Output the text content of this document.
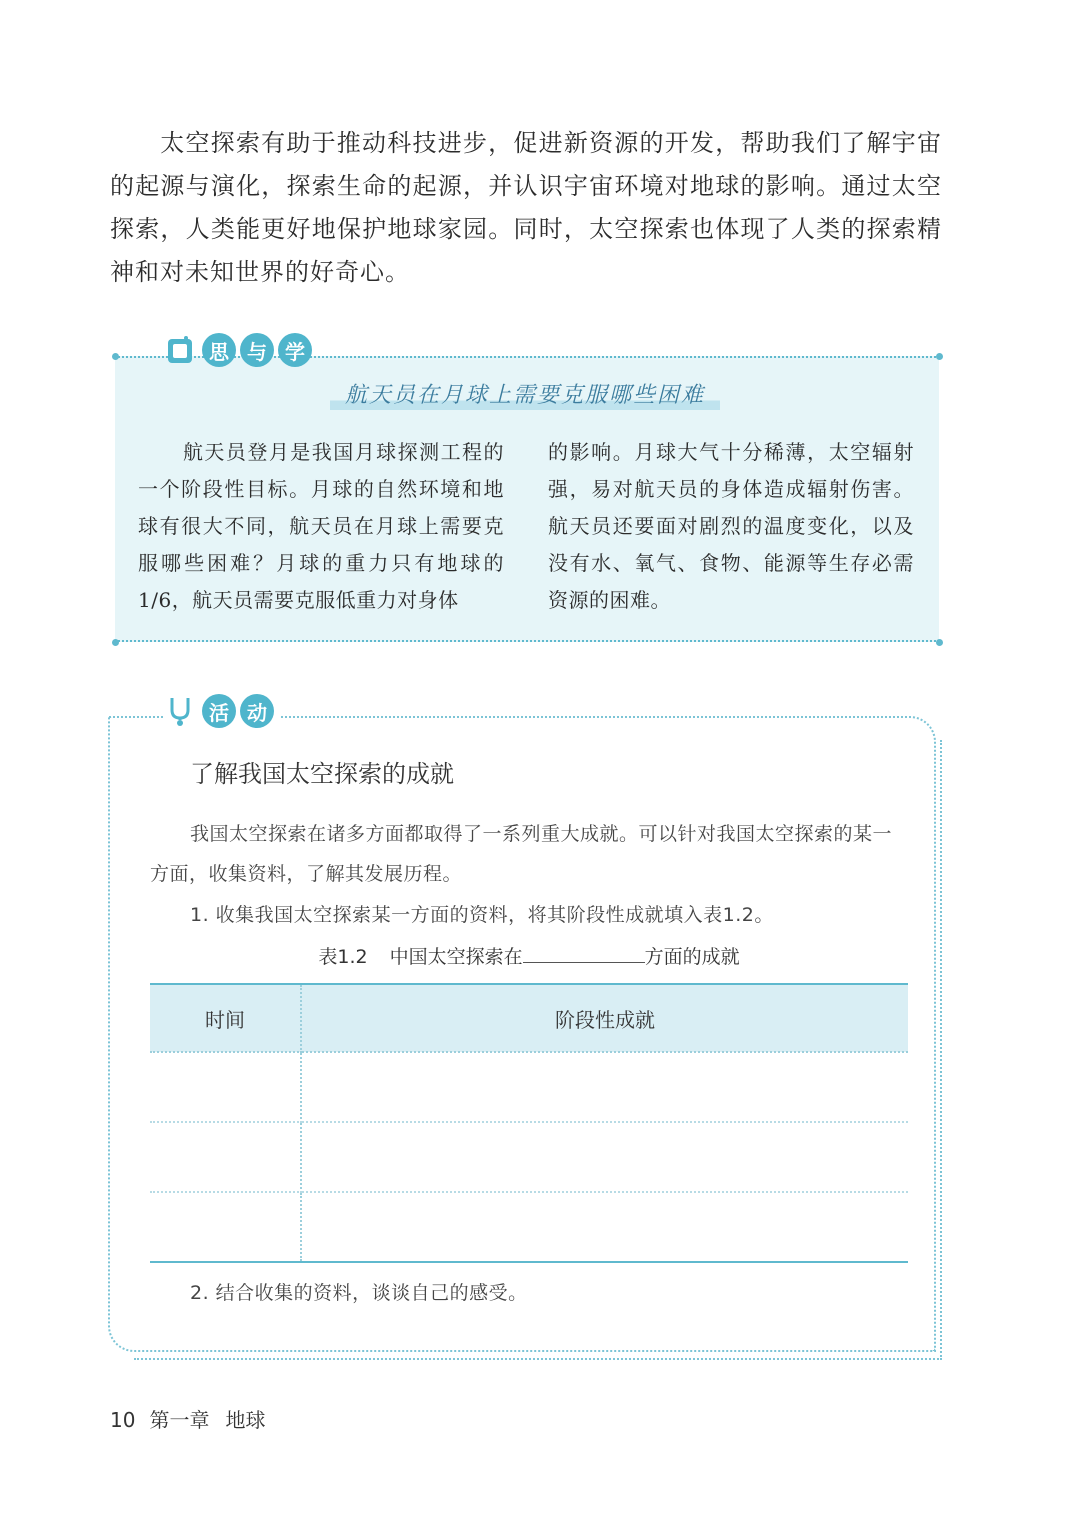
太空探索有助于推动科技进步，促进新资源的开发，帮助我们了解宇宙的起源与演化，探索生命的起源，并认识宇宙环境对地球的影响。通过太空探索，人类能更好地保护地球家园。同时，太空探索也体现了人类的探索精神和对未知世界的好奇心。

思 与 学
航天员在月球上需要克服哪些困难

航天员登月是我国月球探测工程的一个阶段性目标。月球的自然环境和地球有很大不同，航天员在月球上需要克服哪些困难？月球的重力只有地球的1/6，航天员需要克服低重力对身体

的影响。月球大气十分稀薄，太空辐射强，易对航天员的身体造成辐射伤害。航天员还要面对剧烈的温度变化，以及没有水、氧气、食物、能源等生存必需资源的困难。

活 动
了解我国太空探索的成就

我国太空探索在诸多方面都取得了一系列重大成就。可以针对我国太空探索的某一方面，收集资料，了解其发展历程。

1. 收集我国太空探索某一方面的资料，将其阶段性成就填入表1.2。

表1.2 中国太空探索在	方面的成就
时间	阶段性成就

2. 结合收集的资料，谈谈自己的感受。

10 第一章 地球
